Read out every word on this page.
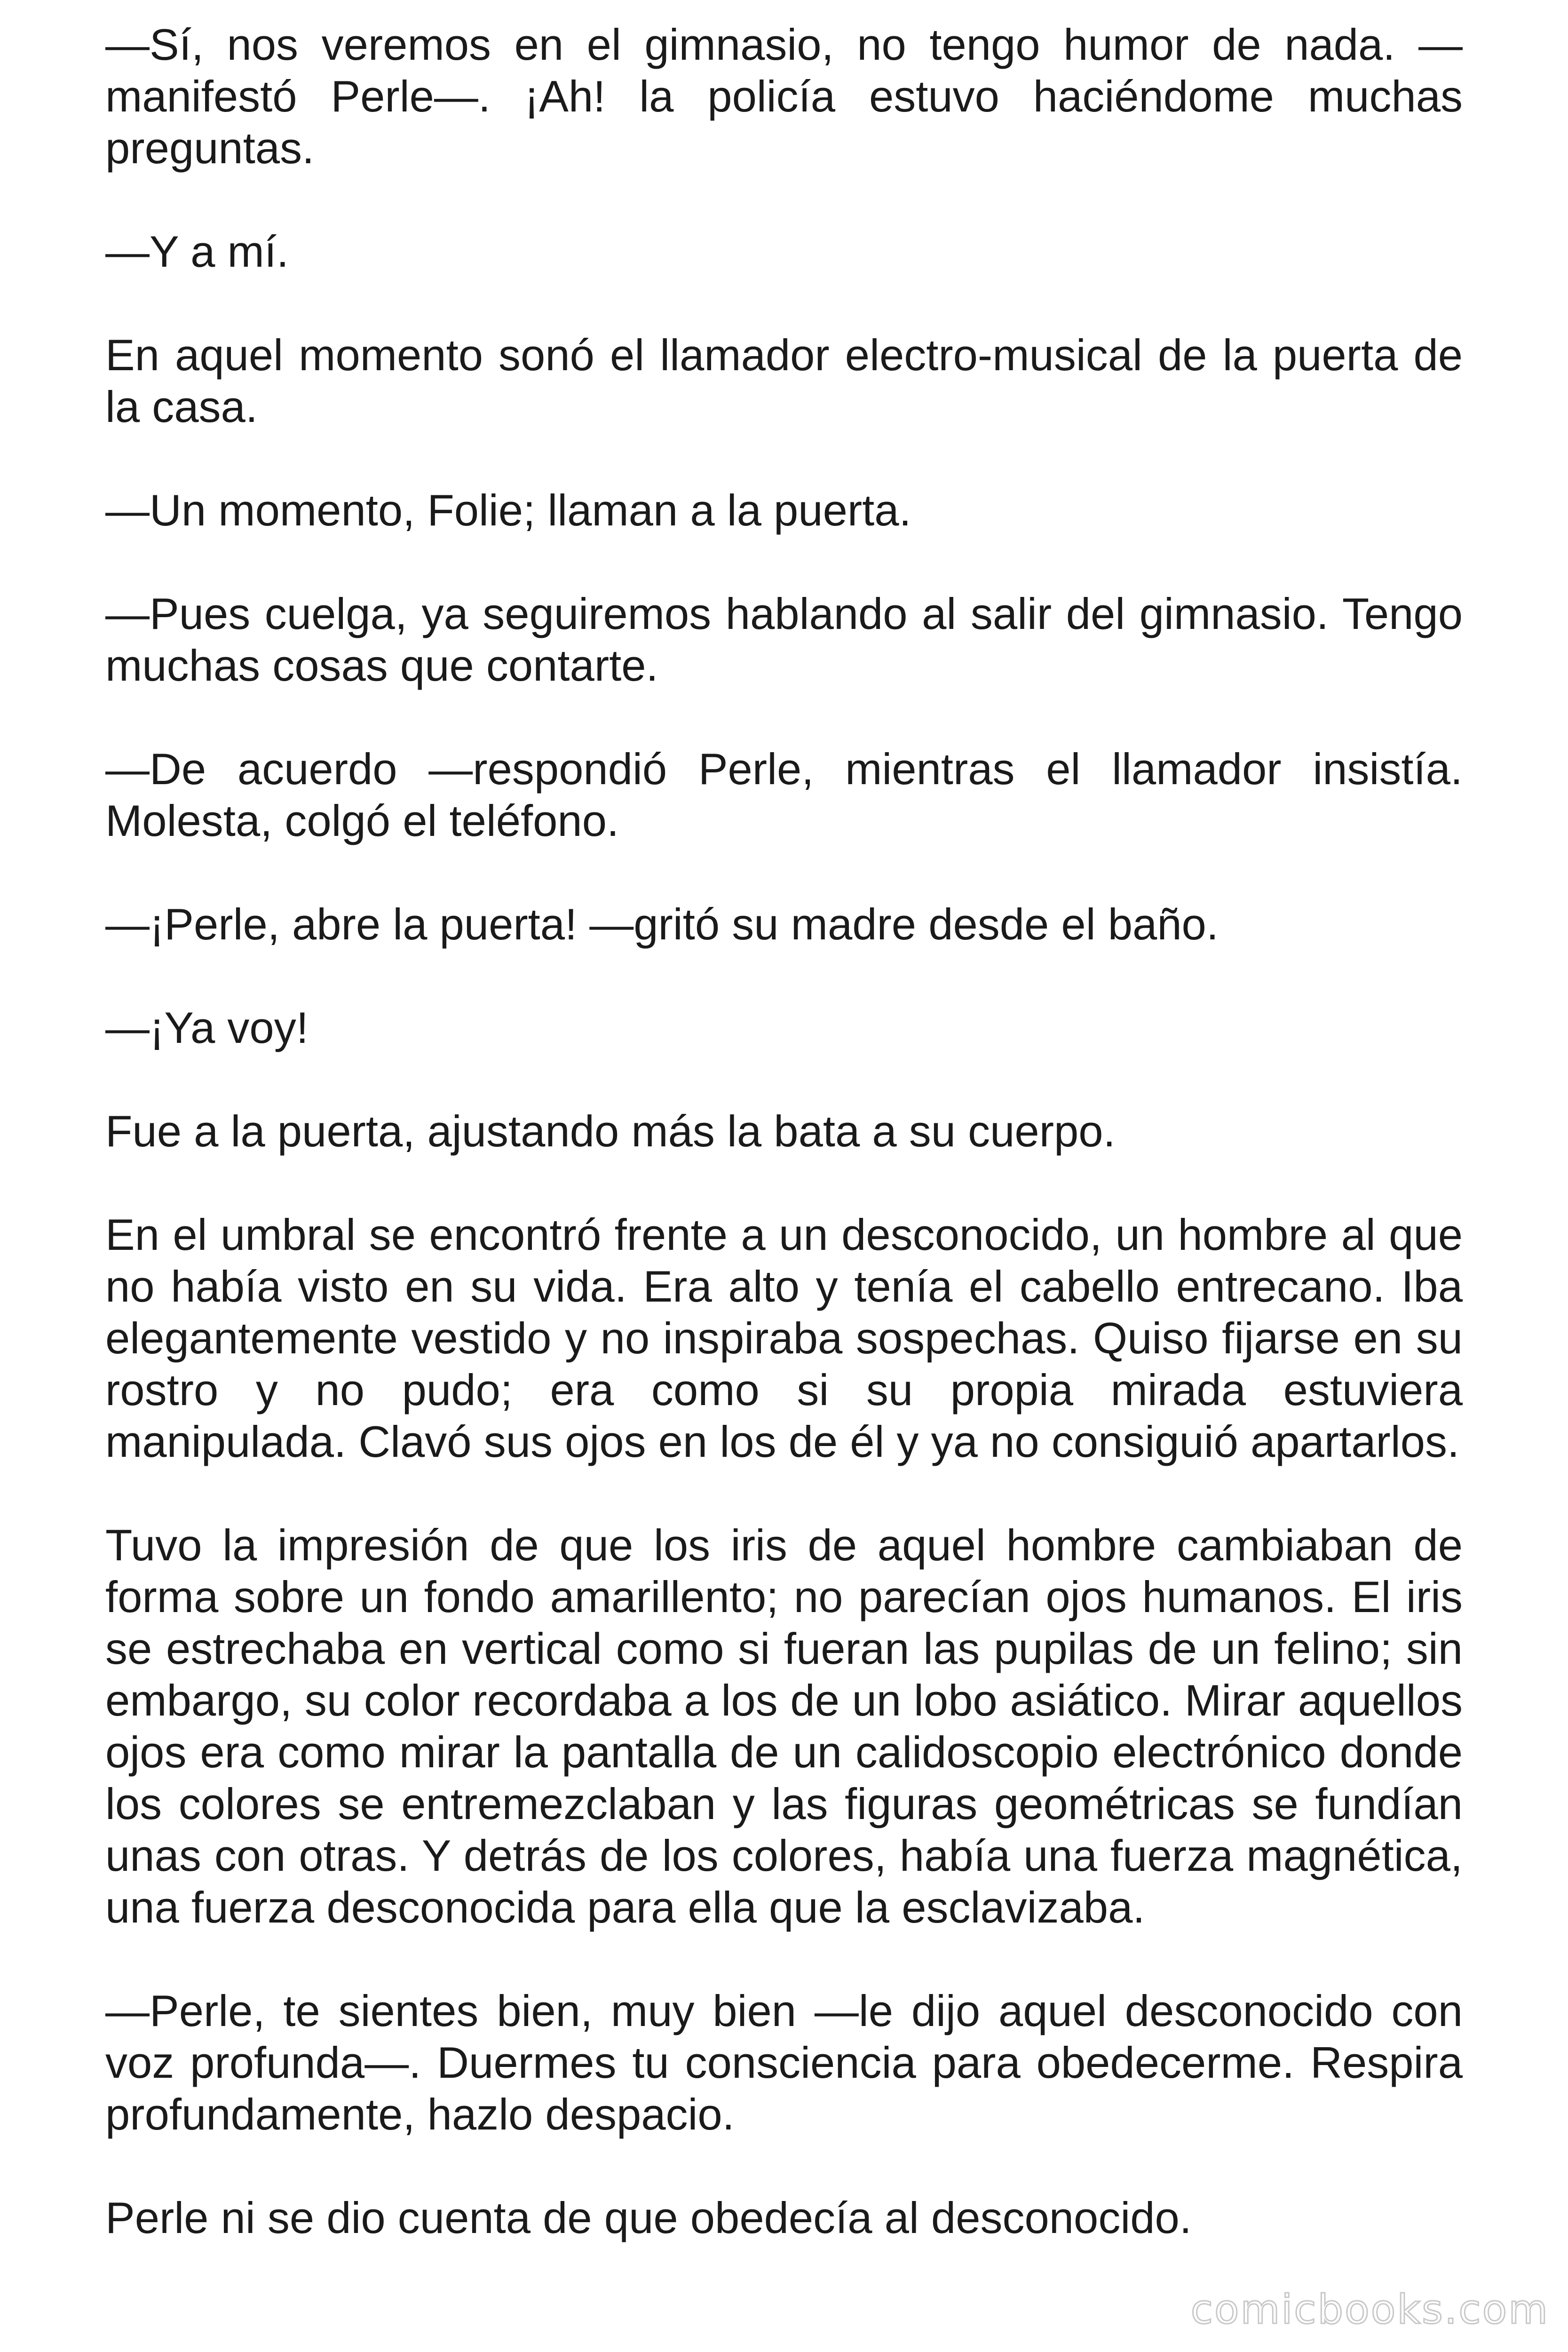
—Sí, nos veremos en el gimnasio, no tengo humor de nada. —manifestó Perle—. ¡Ah! la policía estuvo haciéndome muchas preguntas.

—Y a mí.

En aquel momento sonó el llamador electro-musical de la puerta de la casa.

—Un momento, Folie; llaman a la puerta.

—Pues cuelga, ya seguiremos hablando al salir del gimnasio. Tengo muchas cosas que contarte.

—De acuerdo —respondió Perle, mientras el llamador insistía. Molesta, colgó el teléfono.

—¡Perle, abre la puerta! —gritó su madre desde el baño.

—¡Ya voy!

Fue a la puerta, ajustando más la bata a su cuerpo.

En el umbral se encontró frente a un desconocido, un hombre al que no había visto en su vida. Era alto y tenía el cabello entrecano. Iba elegantemente vestido y no inspiraba sospechas. Quiso fijarse en su rostro y no pudo; era como si su propia mirada estuviera manipulada. Clavó sus ojos en los de él y ya no consiguió apartarlos.

Tuvo la impresión de que los iris de aquel hombre cambiaban de forma sobre un fondo amarillento; no parecían ojos humanos. El iris se estrechaba en vertical como si fueran las pupilas de un felino; sin embargo, su color recordaba a los de un lobo asiático. Mirar aquellos ojos era como mirar la pantalla de un calidoscopio electrónico donde los colores se entremezclaban y las figuras geométricas se fundían unas con otras. Y detrás de los colores, había una fuerza magnética, una fuerza desconocida para ella que la esclavizaba.

—Perle, te sientes bien, muy bien —le dijo aquel desconocido con voz profunda—. Duermes tu consciencia para obedecerme. Respira profundamente, hazlo despacio.

Perle ni se dio cuenta de que obedecía al desconocido.

comicbooks.com
